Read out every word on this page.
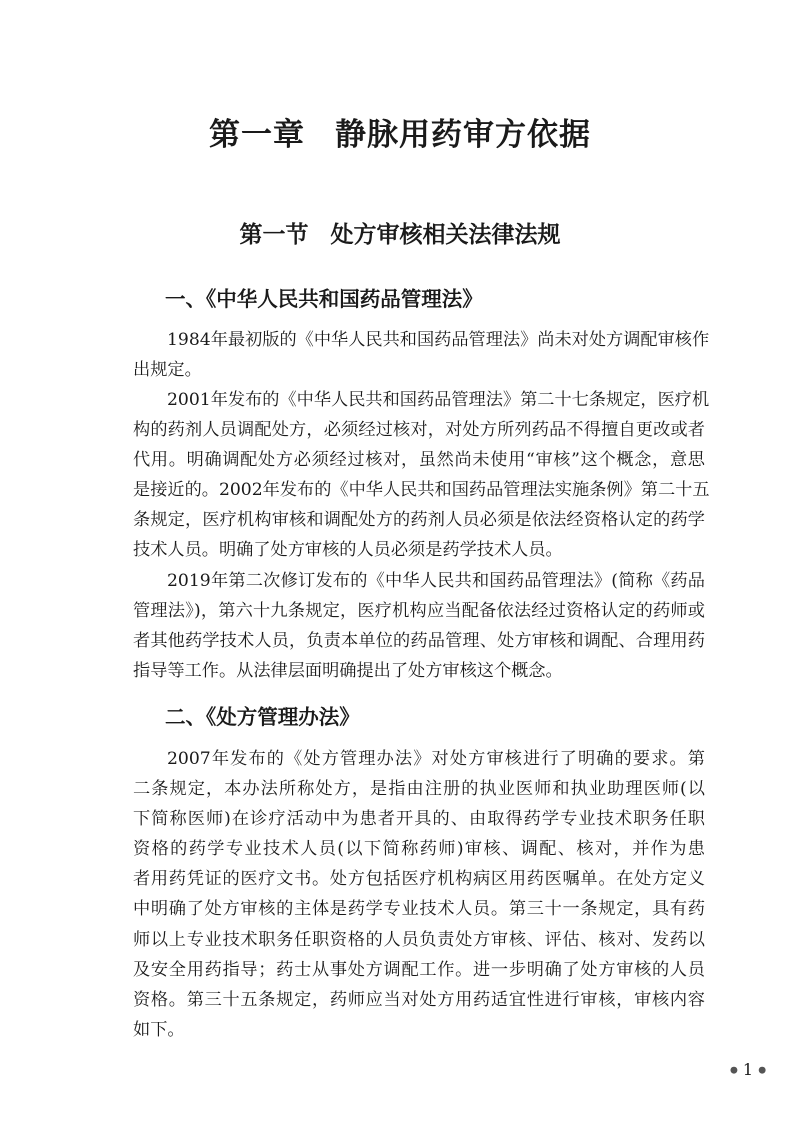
第一章 静脉用药审方依据
第一节 处方审核相关法律法规
一、《中华人民共和国药品管理法》
1984年最初版的《中华人民共和国药品管理法》尚未对处方调配审核作
出规定。
2001年发布的《中华人民共和国药品管理法》第二十七条规定，医疗机
构的药剂人员调配处方，必须经过核对，对处方所列药品不得擅自更改或者
代用。明确调配处方必须经过核对，虽然尚未使用“审核”这个概念，意思
是接近的。2002年发布的《中华人民共和国药品管理法实施条例》第二十五
条规定，医疗机构审核和调配处方的药剂人员必须是依法经资格认定的药学
技术人员。明确了处方审核的人员必须是药学技术人员。
2019年第二次修订发布的《中华人民共和国药品管理法》(简称《药品
管理法》)，第六十九条规定，医疗机构应当配备依法经过资格认定的药师或
者其他药学技术人员，负责本单位的药品管理、处方审核和调配、合理用药
指导等工作。从法律层面明确提出了处方审核这个概念。
二、《处方管理办法》
2007年发布的《处方管理办法》对处方审核进行了明确的要求。第
二条规定，本办法所称处方，是指由注册的执业医师和执业助理医师(以
下简称医师)在诊疗活动中为患者开具的、由取得药学专业技术职务任职
资格的药学专业技术人员(以下简称药师)审核、调配、核对，并作为患
者用药凭证的医疗文书。处方包括医疗机构病区用药医嘱单。在处方定义
中明确了处方审核的主体是药学专业技术人员。第三十一条规定，具有药
师以上专业技术职务任职资格的人员负责处方审核、评估、核对、发药以
及安全用药指导；药士从事处方调配工作。进一步明确了处方审核的人员
资格。第三十五条规定，药师应当对处方用药适宜性进行审核，审核内容
如下。
● 1 ●
